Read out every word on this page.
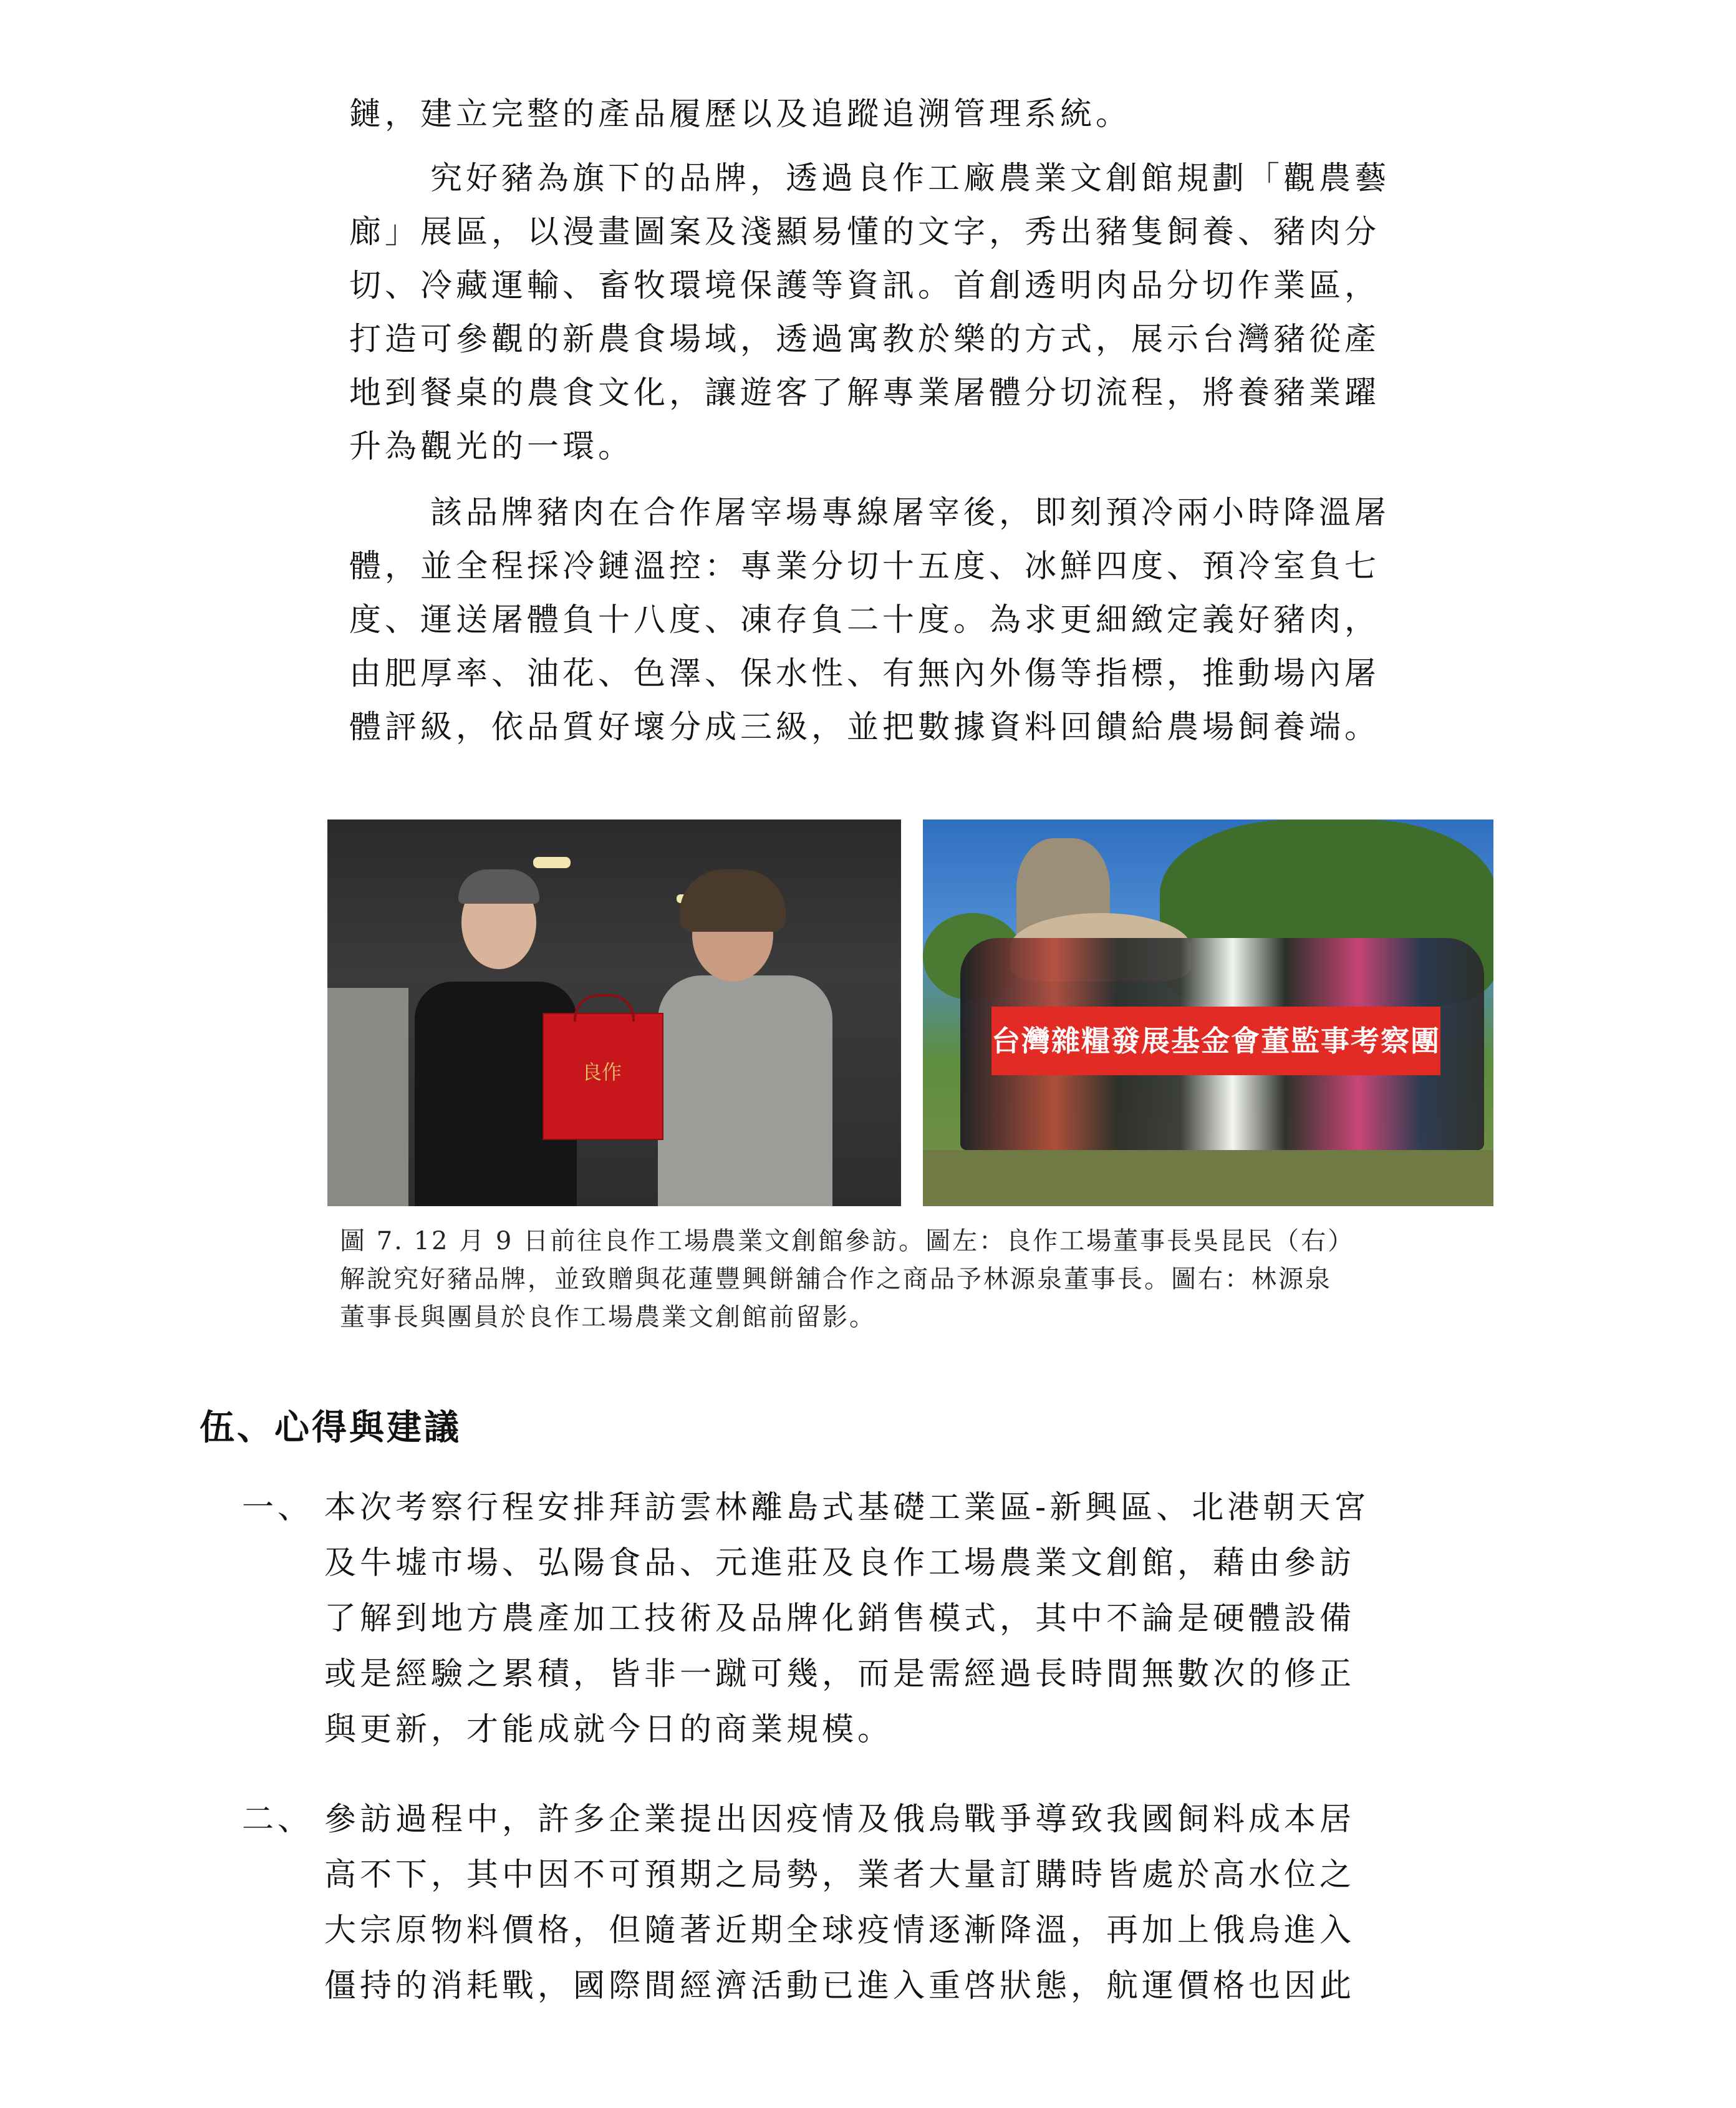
鏈，建立完整的產品履歷以及追蹤追溯管理系統。
究好豬為旗下的品牌，透過良作工廠農業文創館規劃「觀農藝
廊」展區，以漫畫圖案及淺顯易懂的文字，秀出豬隻飼養、豬肉分
切、冷藏運輸、畜牧環境保護等資訊。首創透明肉品分切作業區，
打造可參觀的新農食場域，透過寓教於樂的方式，展示台灣豬從產
地到餐桌的農食文化，讓遊客了解專業屠體分切流程，將養豬業躍
升為觀光的一環。
該品牌豬肉在合作屠宰場專線屠宰後，即刻預冷兩小時降溫屠
體，並全程採冷鏈溫控：專業分切十五度、冰鮮四度、預冷室負七
度、運送屠體負十八度、凍存負二十度。為求更細緻定義好豬肉，
由肥厚率、油花、色澤、保水性、有無內外傷等指標，推動場內屠
體評級，依品質好壞分成三級，並把數據資料回饋給農場飼養端。
良作
台灣雜糧發展基金會董監事考察團
圖 7. 12 月 9 日前往良作工場農業文創館參訪。圖左：良作工場董事長吳昆民（右）
解說究好豬品牌，並致贈與花蓮豐興餅舖合作之商品予林源泉董事長。圖右：林源泉
董事長與團員於良作工場農業文創館前留影。
伍、心得與建議
一、 本次考察行程安排拜訪雲林離島式基礎工業區-新興區、北港朝天宮
及牛墟市場、弘陽食品、元進莊及良作工場農業文創館，藉由參訪
了解到地方農產加工技術及品牌化銷售模式，其中不論是硬體設備
或是經驗之累積，皆非一蹴可幾，而是需經過長時間無數次的修正
與更新，才能成就今日的商業規模。
二、 參訪過程中，許多企業提出因疫情及俄烏戰爭導致我國飼料成本居
高不下，其中因不可預期之局勢，業者大量訂購時皆處於高水位之
大宗原物料價格，但隨著近期全球疫情逐漸降溫，再加上俄烏進入
僵持的消耗戰，國際間經濟活動已進入重啓狀態，航運價格也因此
